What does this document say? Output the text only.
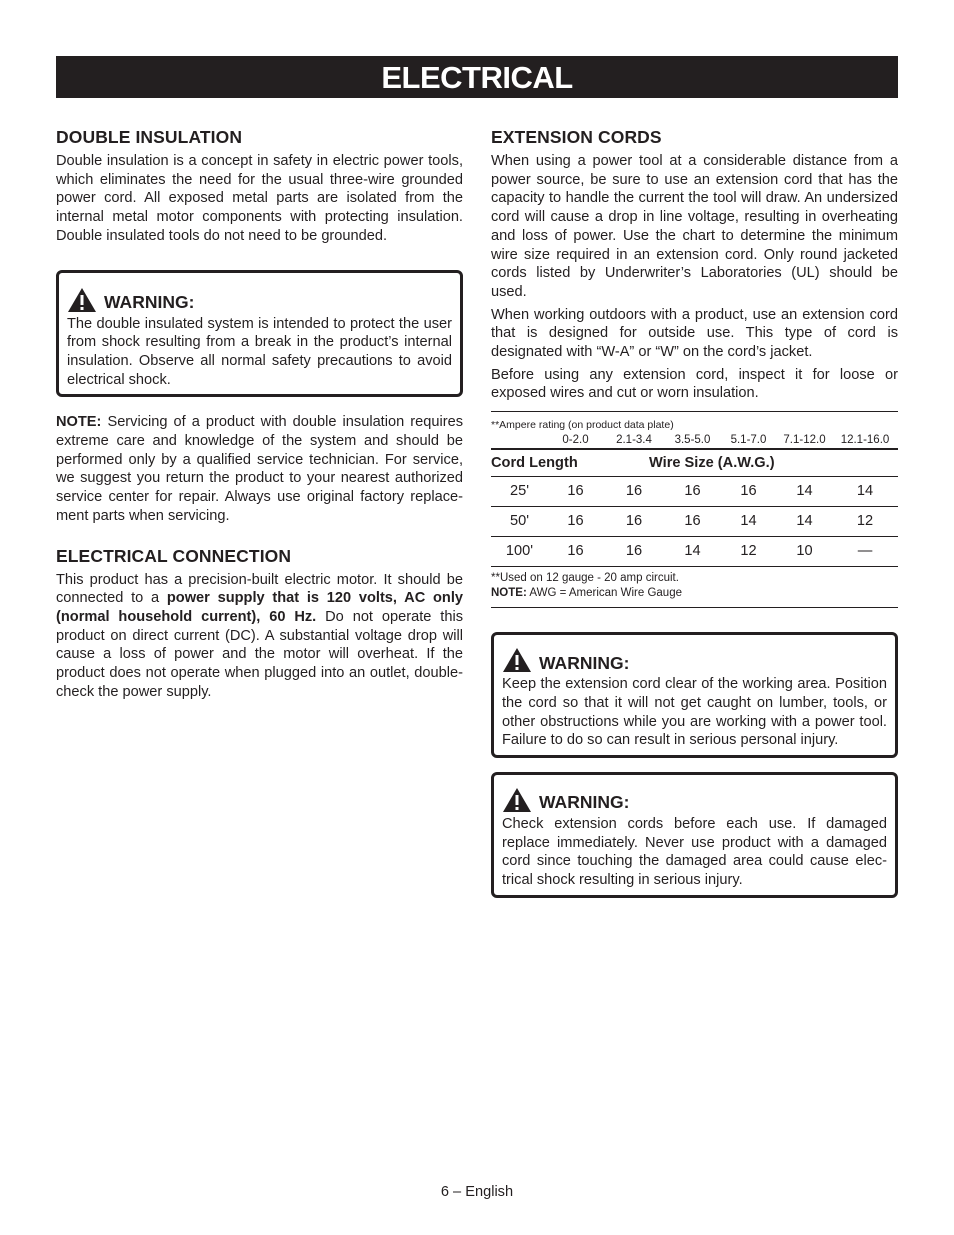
ELECTRICAL
DOUBLE INSULATION

Double insulation is a concept in safety in electric power tools, which eliminates the need for the usual three-wire grounded power cord. All exposed metal parts are isolated from the internal metal motor components with protecting insulation. Double insulated tools do not need to be grounded.

WARNING:

The double insulated system is intended to protect the user from shock resulting from a break in the product’s internal insulation. Observe all normal safety precautions to avoid electrical shock.

NOTE: Servicing of a product with double insulation requires extreme care and knowledge of the system and should be performed only by a qualified service technician. For service, we suggest you return the product to your nearest authorized service center for repair. Always use original factory replacement parts when servicing.

ELECTRICAL CONNECTION

This product has a precision-built electric motor. It should be connected to a power supply that is 120 volts, AC only (normal household current), 60 Hz. Do not operate this product on direct current (DC). A substantial voltage drop will cause a loss of power and the motor will overheat. If the product does not operate when plugged into an outlet, double-check the power supply.

EXTENSION CORDS

When using a power tool at a considerable distance from a power source, be sure to use an extension cord that has the capacity to handle the current the tool will draw. An undersized cord will cause a drop in line voltage, resulting in overheating and loss of power. Use the chart to determine the minimum wire size required in an extension cord. Only round jacketed cords listed by Underwriter’s Laboratories (UL) should be used.

When working outdoors with a product, use an extension cord that is designed for outside use. This type of cord is designated with “W-A” or “W” on the cord’s jacket.

Before using any extension cord, inspect it for loose or exposed wires and cut or worn insulation.

**Ampere rating (on product data plate)
0-2.0	2.1-3.4	3.5-5.0	5.1-7.0	7.1-12.0	12.1-16.0
Cord Length	Wire Size (A.W.G.)
25'	16	16	16	16	14	14
50'	16	16	16	14	14	12
100'	16	16	14	12	10	—
**Used on 12 gauge - 20 amp circuit.
NOTE: AWG = American Wire Gauge
WARNING:

Keep the extension cord clear of the working area. Position the cord so that it will not get caught on lumber, tools, or other obstructions while you are working with a power tool. Failure to do so can result in serious personal injury.

WARNING:

Check extension cords before each use. If damaged replace immediately. Never use product with a damaged cord since touching the damaged area could cause electrical shock resulting in serious injury.

6 – English
